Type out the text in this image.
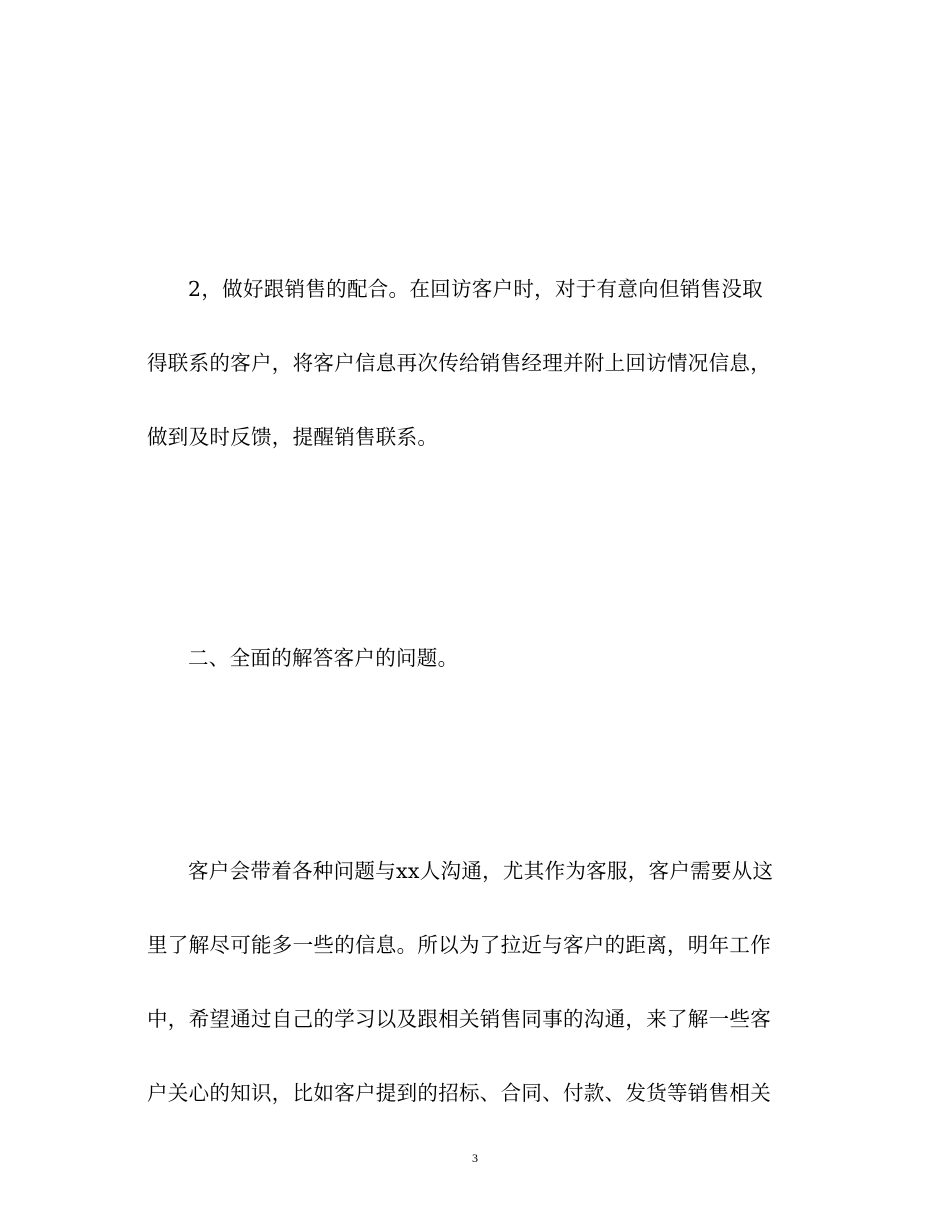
2，做好跟销售的配合。在回访客户时，对于有意向但销售没取

得联系的客户，将客户信息再次传给销售经理并附上回访情况信息，

做到及时反馈，提醒销售联系。

二、全面的解答客户的问题。

客户会带着各种问题与xx人沟通，尤其作为客服，客户需要从这

里了解尽可能多一些的信息。所以为了拉近与客户的距离，明年工作

中，希望通过自己的学习以及跟相关销售同事的沟通，来了解一些客

户关心的知识，比如客户提到的招标、合同、付款、发货等销售相关

3
